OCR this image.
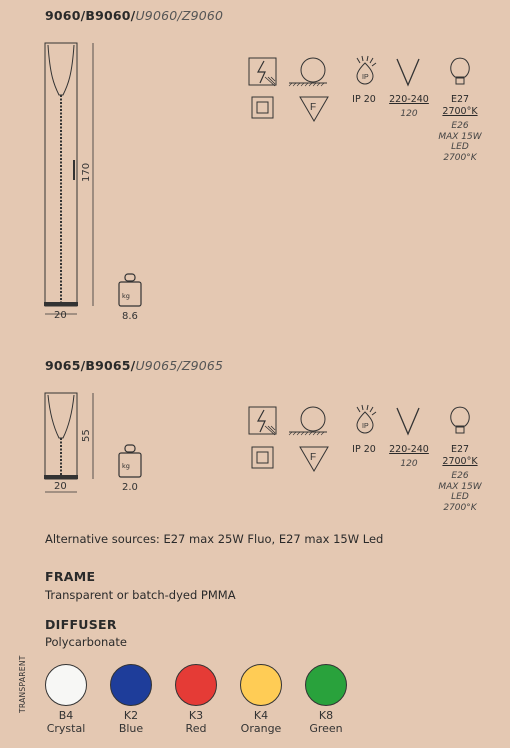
9060/B9060/U9060/Z9060
170
20
kg
8.6
IP
F
IP 20	220-240
120
E27
2700°K
E26
MAX 15W
LED
2700°K
9065/B9065/U9065/Z9065
55
20
kg
2.0
IP
F
IP 20	220-240
120
E27
2700°K
E26
MAX 15W
LED
2700°K
Alternative sources: E27 max 25W Fluo, E27 max 15W Led
FRAME
Transparent or batch-dyed PMMA
DIFFUSER
Polycarbonate
TRANSPARENT
B4
Crystal
K2
Blue
K3
Red
K4
Orange
K8
Green
